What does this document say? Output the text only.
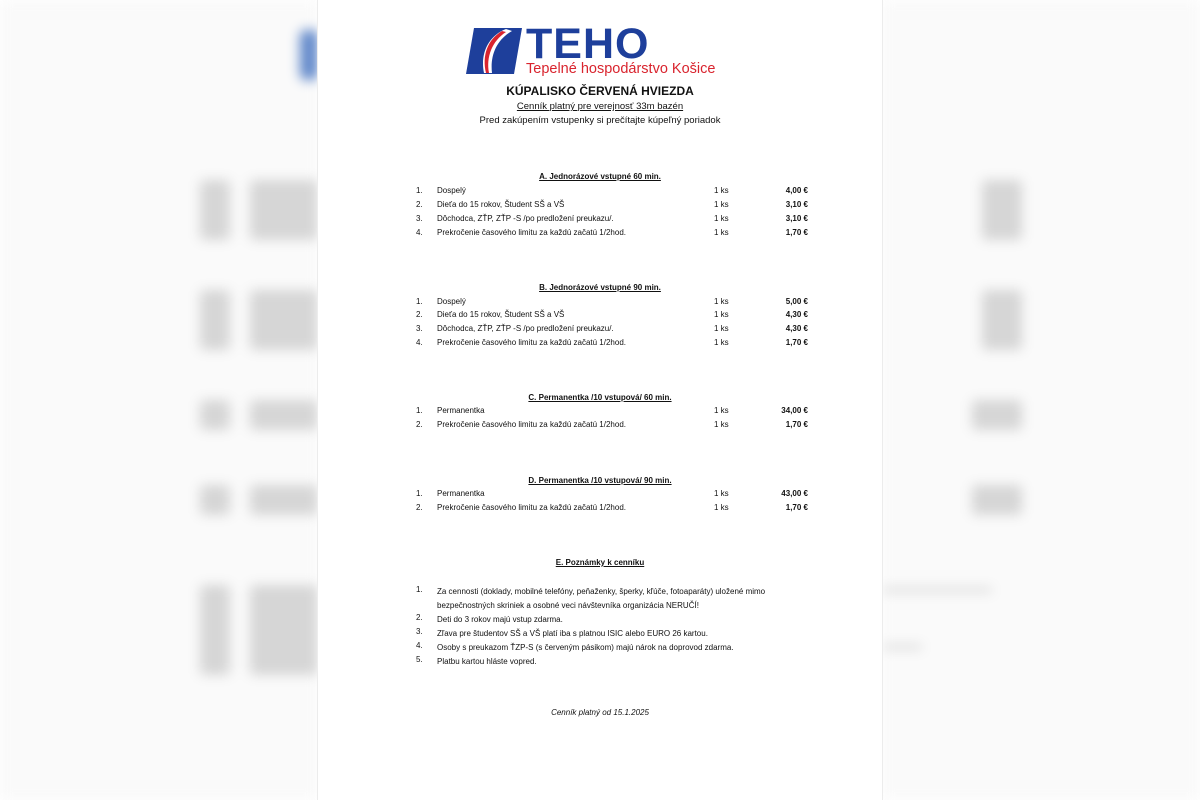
TEHO
Tepelné hospodárstvo Košice
KÚPALISKO ČERVENÁ HVIEZDA
Cenník platný pre verejnosť 33m bazén
Pred zakúpením vstupenky si prečítajte kúpeľný poriadok
A. Jednorázové vstupné 60 min.
1. Dospelý	1 ks	4,00 €
2. Dieťa do 15 rokov, Študent SŠ a VŠ	1 ks	3,10 €
3. Dôchodca, ZŤP, ZŤP -S /po predložení preukazu/.	1 ks	3,10 €
4. Prekročenie časového limitu za každú začatú 1/2hod.	1 ks	1,70 €
B. Jednorázové vstupné 90 min.
1. Dospelý	1 ks	5,00 €
2. Dieťa do 15 rokov, Študent SŠ a VŠ	1 ks	4,30 €
3. Dôchodca, ZŤP, ZŤP -S /po predložení preukazu/.	1 ks	4,30 €
4. Prekročenie časového limitu za každú začatú 1/2hod.	1 ks	1,70 €
C. Permanentka /10 vstupová/ 60 min.
1. Permanentka	1 ks	34,00 €
2. Prekročenie časového limitu za každú začatú 1/2hod.	1 ks	1,70 €
D. Permanentka /10 vstupová/ 90 min.
1. Permanentka	1 ks	43,00 €
2. Prekročenie časového limitu za každú začatú 1/2hod.	1 ks	1,70 €
E. Poznámky k cenníku
1. Za cennosti (doklady, mobilné telefóny, peňaženky, šperky, kľúče, fotoaparáty) uložené mimo bezpečnostných skriniek a osobné veci návštevníka organizácia NERUČÍ!
2. Deti do 3 rokov majú vstup zdarma.
3. Zľava pre študentov SŠ a VŠ platí iba s platnou ISIC alebo EURO 26 kartou.
4. Osoby s preukazom ŤZP-S (s červeným pásikom) majú nárok na doprovod zdarma.
5. Platbu kartou hláste vopred.
Cenník platný od 15.1.2025
